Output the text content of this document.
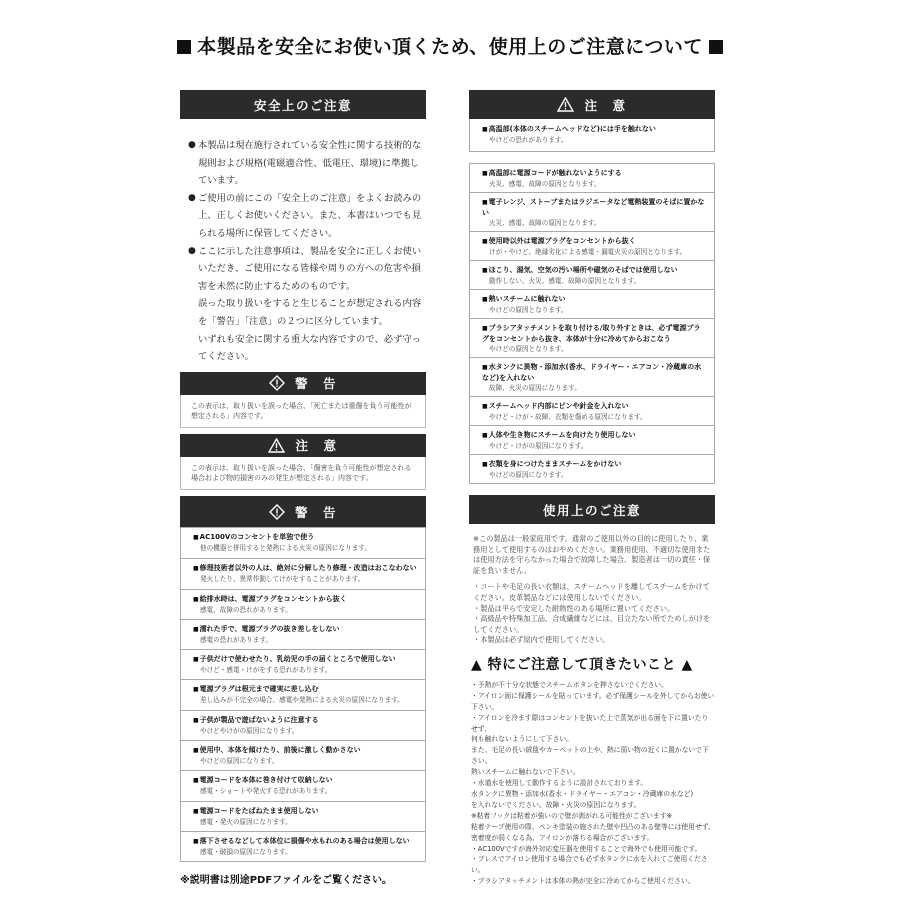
本製品を安全にお使い頂くため、使用上のご注意について
安全上のご注意
● 本製品は現在施行されている安全性に関する技術的な規則および規格(電磁適合性、低電圧、環境)に準拠しています。
● ご使用の前にこの「安全上のご注意」をよくお読みの上、正しくお使いください。また、本書はいつでも見られる場所に保管してください。
● ここに示した注意事項は、製品を安全に正しくお使いいただき、ご使用になる皆様や周りの方への危害や損害を未然に防止するためのものです。
誤った取り扱いをすると生じることが想定される内容を「警告」「注意」の２つに区分しています。
いずれも安全に関する重大な内容ですので、必ず守ってください。
警　告
この表示は、取り扱いを誤った場合、「死亡または重傷を負う可能性が想定される」内容です。
注　意
この表示は、取り扱いを誤った場合、「傷害を負う可能性が想定される場合および物的損害のみの発生が想定される」内容です。
警　告
■ AC100Vのコンセントを単独で使う
他の機器と併用すると発熱による火災の原因になります。
■ 修理技術者以外の人は、絶対に分解したり修理・改造はおこなわない
発火したり、異常作動してけがをすることがあります。
■ 給排水時は、電源プラグをコンセントから抜く
感電、故障の恐れがあります。
■ 濡れた手で、電源プラグの抜き差しをしない
感電の恐れがあります。
■ 子供だけで使わせたり、乳幼児の手の届くところで使用しない
やけど・感電・けがをする恐れがあります。
■ 電源プラグは根元まで確実に差し込む
差し込みが不完全の場合、感電や発熱による火災の原因になります。
■ 子供が製品で遊ばないように注意する
やけどやけがの原因になります。
■ 使用中、本体を傾けたり、前後に激しく動かさない
やけどの原因になります。
■ 電源コードを本体に巻き付けて収納しない
感電・ショートや発火する恐れがあります。
■ 電源コードをたばねたまま使用しない
感電・発火の原因になります。
■ 落下させるなどして本体位に損傷や水もれのある場合は使用しない
感電・破損の原因になります。
注　意
■ 高温部(本体のスチームヘッドなど)には手を触れない
やけどの恐れがあります。
■ 高温部に電源コードが触れないようにする
火災、感電、故障の原因となります。
■ 電子レンジ、ストーブまたはラジエータなど電熱装置のそばに置かない
火災、感電、故障の原因となります。
■ 使用時以外は電源プラグをコンセントから抜く
けが・やけど、絶縁劣化による感電・漏電火災の原因となります。
■ ほこり、湯気、空気の汚い場所や磁気のそばでは使用しない
動作しない、火災、感電、故障の原因となります。
■ 熱いスチームに触れない
やけどの原因となります。
■ ブラシアタッチメントを取り付ける/取り外すときは、必ず電源プラグをコンセントから抜き、本体が十分に冷めてからおこなう
やけどの原因となります。
■ 水タンクに異物・添加水(香水、ドライヤー・エアコン・冷蔵庫の水など)を入れない
故障、火災の原因になります。
■ スチームヘッド内部にピンや針金を入れない
やけど・けが・故障、衣類を傷める原因になります。
■ 人体や生き物にスチームを向けたり使用しない
やけど・けがの原因になります。
■ 衣類を身につけたままスチームをかけない
やけどの原因になります。
使用上のご注意

※この製品は一般家庭用です。通常のご使用以外の目的に使用したり、業務用として使用するのはおやめください。業務用使用、不適切な使用または使用方法を守らなかった場合で故障した場合、製造者は一切の責任・保証を負いません。

・コートや毛足の長い衣類は、スチームヘッドを離してスチームをかけてください。皮革製品などには使用しないでください。
・製品は平らで安定した耐熱性のある場所に置いてください。
・高級品や特殊加工品、合成繊維などには、目立たない所でためしがけをしてください。
・本製品は必ず屋内で使用してください。
▲ 特にご注意して頂きたいこと ▲
・予熱が不十分な状態でスチームボタンを押さないでください。
・アイロン面に保護シールを貼っています。必ず保護シールを外してからお使い下さい。
・アイロンを冷ます際はコンセントを抜いた上で蒸気が出る面を下に置いたりせず、
何も触れないようにして下さい。
また、毛足の長い絨毯やカーペットの上や、熱に弱い物の近くに置かないで下さい。
熱いスチームに触れないで下さい。
・水道水を使用して動作するように設計されております。
水タンクに異物・添加水(香水・ドライヤー・エアコン・冷蔵庫の水など)
を入れないでください。故障・火災の原因になります。
※粘着フックは粘着が強いので壁が剥がれる可能性がございます※
粘着テープ使用の際、ペンキ塗装の施された壁や凹凸のある壁等には使用せず、
密着度が弱くなる為、アイロンが落ちる場合がございます。
・AC100Vですが海外対応変圧器を使用することで海外でも使用可能です。
・プレスでアイロン使用する場合でも必ず水タンクに水を入れてご使用ください。
・ブラシアタッチメントは本体の熱が完全に冷めてからご使用ください。
※説明書は別途PDFファイルをご覧ください。
